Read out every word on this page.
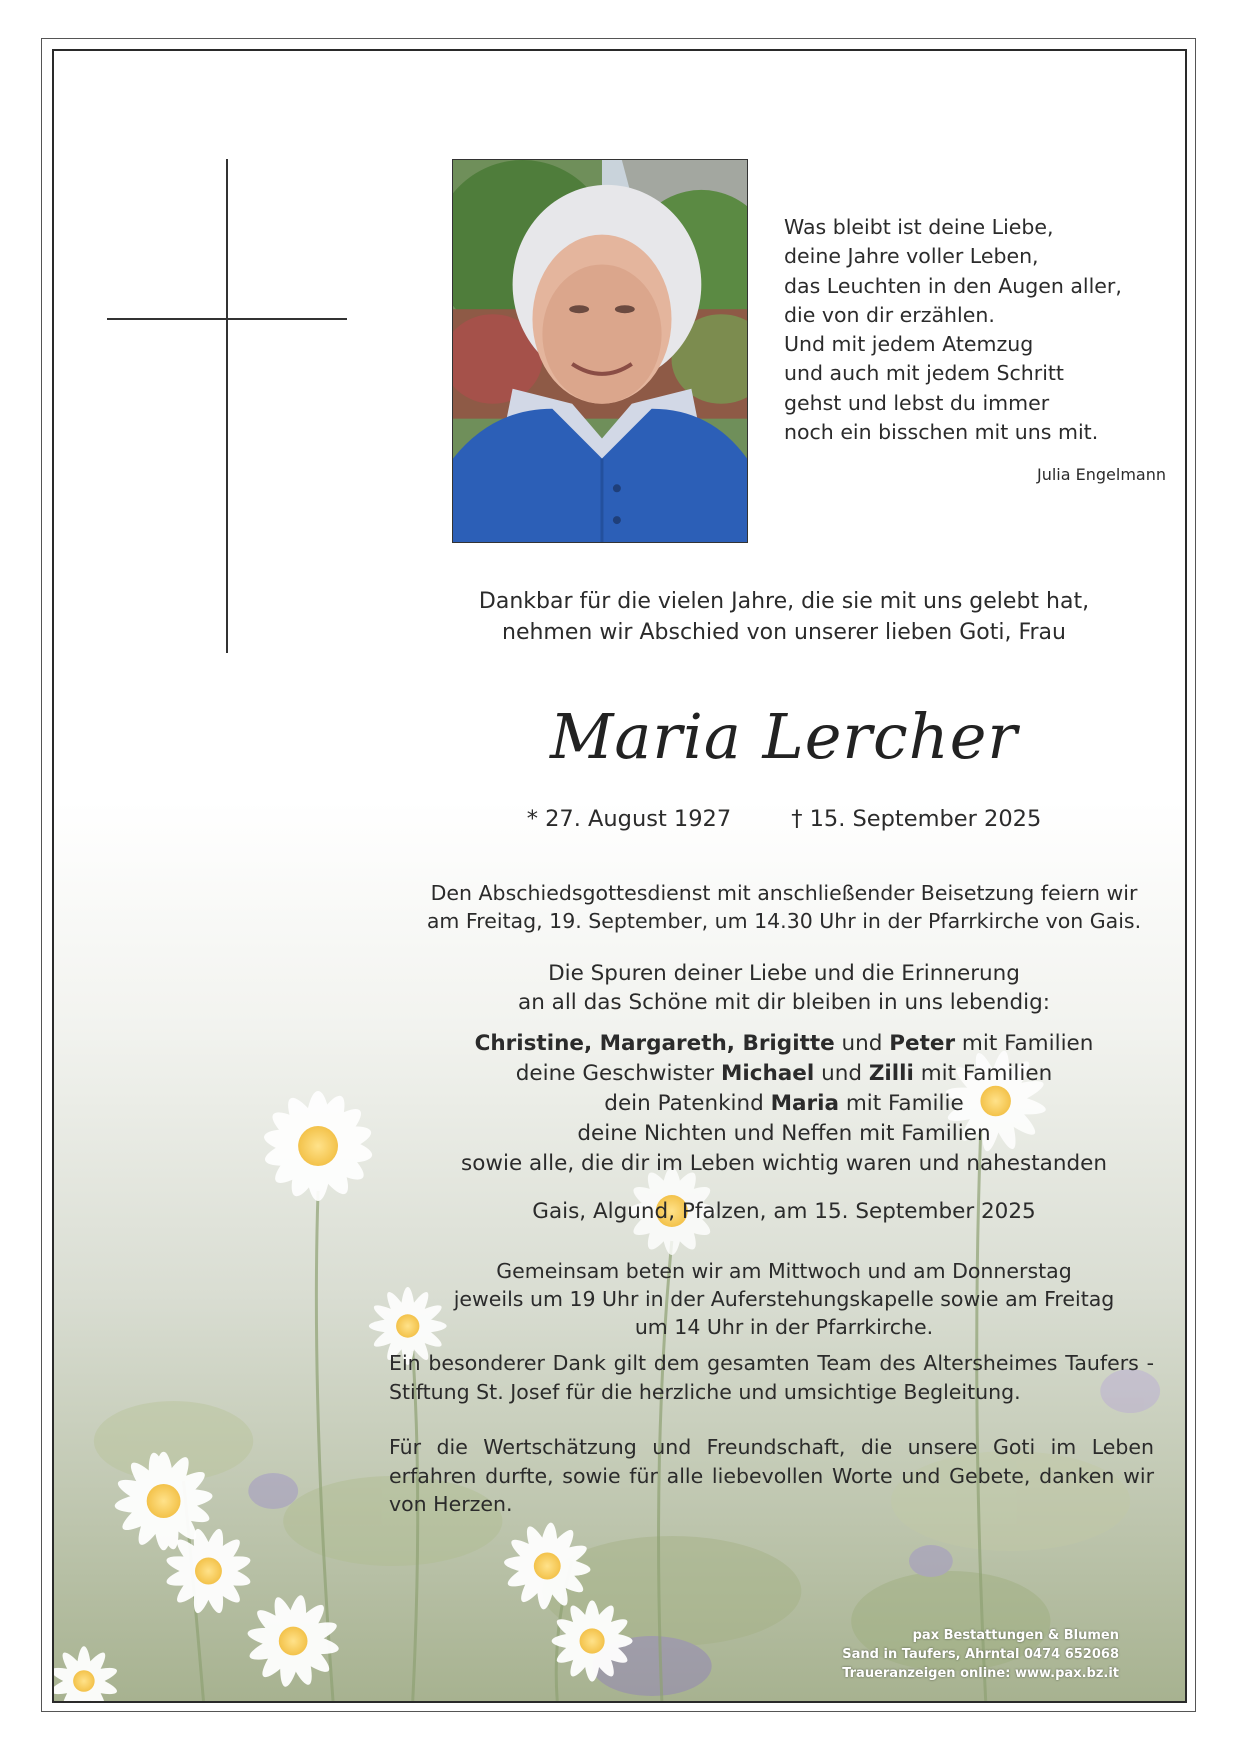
Was bleibt ist deine Liebe,
deine Jahre voller Leben,
das Leuchten in den Augen aller,
die von dir erzählen.
Und mit jedem Atemzug
und auch mit jedem Schritt
gehst und lebst du immer
noch ein bisschen mit uns mit.
Julia Engelmann
Dankbar für die vielen Jahre, die sie mit uns gelebt hat,
nehmen wir Abschied von unserer lieben Goti, Frau
Maria Lercher
* 27. August 1927	† 15. September 2025
Den Abschiedsgottesdienst mit anschließender Beisetzung feiern wir
am Freitag, 19. September, um 14.30 Uhr in der Pfarrkirche von Gais.
Die Spuren deiner Liebe und die Erinnerung
an all das Schöne mit dir bleiben in uns lebendig:
Christine, Margareth, Brigitte und Peter mit Familien
deine Geschwister Michael und Zilli mit Familien
dein Patenkind Maria mit Familie
deine Nichten und Neffen mit Familien
sowie alle, die dir im Leben wichtig waren und nahestanden
Gais, Algund, Pfalzen, am 15. September 2025
Gemeinsam beten wir am Mittwoch und am Donnerstag
jeweils um 19 Uhr in der Auferstehungskapelle sowie am Freitag
um 14 Uhr in der Pfarrkirche.
Ein besonderer Dank gilt dem gesamten Team des Altersheimes Taufers - Stiftung St. Josef für die herzliche und umsichtige Begleitung.
Für die Wertschätzung und Freundschaft, die unsere Goti im Leben erfahren durfte, sowie für alle liebevollen Worte und Gebete, danken wir von Herzen.
pax Bestattungen & Blumen
Sand in Taufers, Ahrntal 0474 652068
Traueranzeigen online: www.pax.bz.it
